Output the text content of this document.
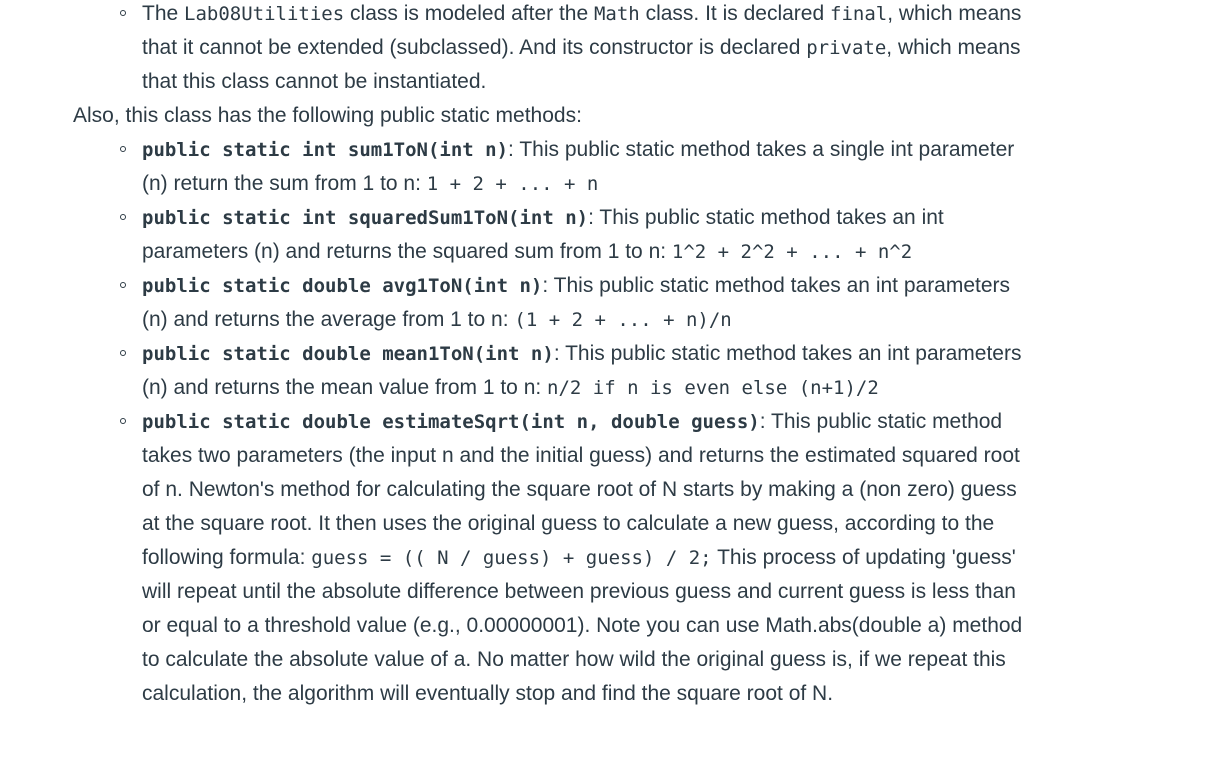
The Lab08Utilities class is modeled after the Math class. It is declared final, which means that it cannot be extended (subclassed). And its constructor is declared private, which means that this class cannot be instantiated.
Also, this class has the following public static methods:
public static int sum1ToN(int n): This public static method takes a single int parameter (n) return the sum from 1 to n: 1 + 2 + ... + n
public static int squaredSum1ToN(int n): This public static method takes an int parameters (n) and returns the squared sum from 1 to n: 1^2 + 2^2 + ... + n^2
public static double avg1ToN(int n): This public static method takes an int parameters (n) and returns the average from 1 to n: (1 + 2 + ... + n)/n
public static double mean1ToN(int n): This public static method takes an int parameters (n) and returns the mean value from 1 to n: n/2 if n is even else (n+1)/2
public static double estimateSqrt(int n, double guess): This public static method takes two parameters (the input n and the initial guess) and returns the estimated squared root of n. Newton's method for calculating the square root of N starts by making a (non zero) guess at the square root. It then uses the original guess to calculate a new guess, according to the following formula: guess = (( N / guess) + guess) / 2; This process of updating 'guess' will repeat until the absolute difference between previous guess and current guess is less than or equal to a threshold value (e.g., 0.00000001). Note you can use Math.abs(double a) method to calculate the absolute value of a. No matter how wild the original guess is, if we repeat this calculation, the algorithm will eventually stop and find the square root of N.
